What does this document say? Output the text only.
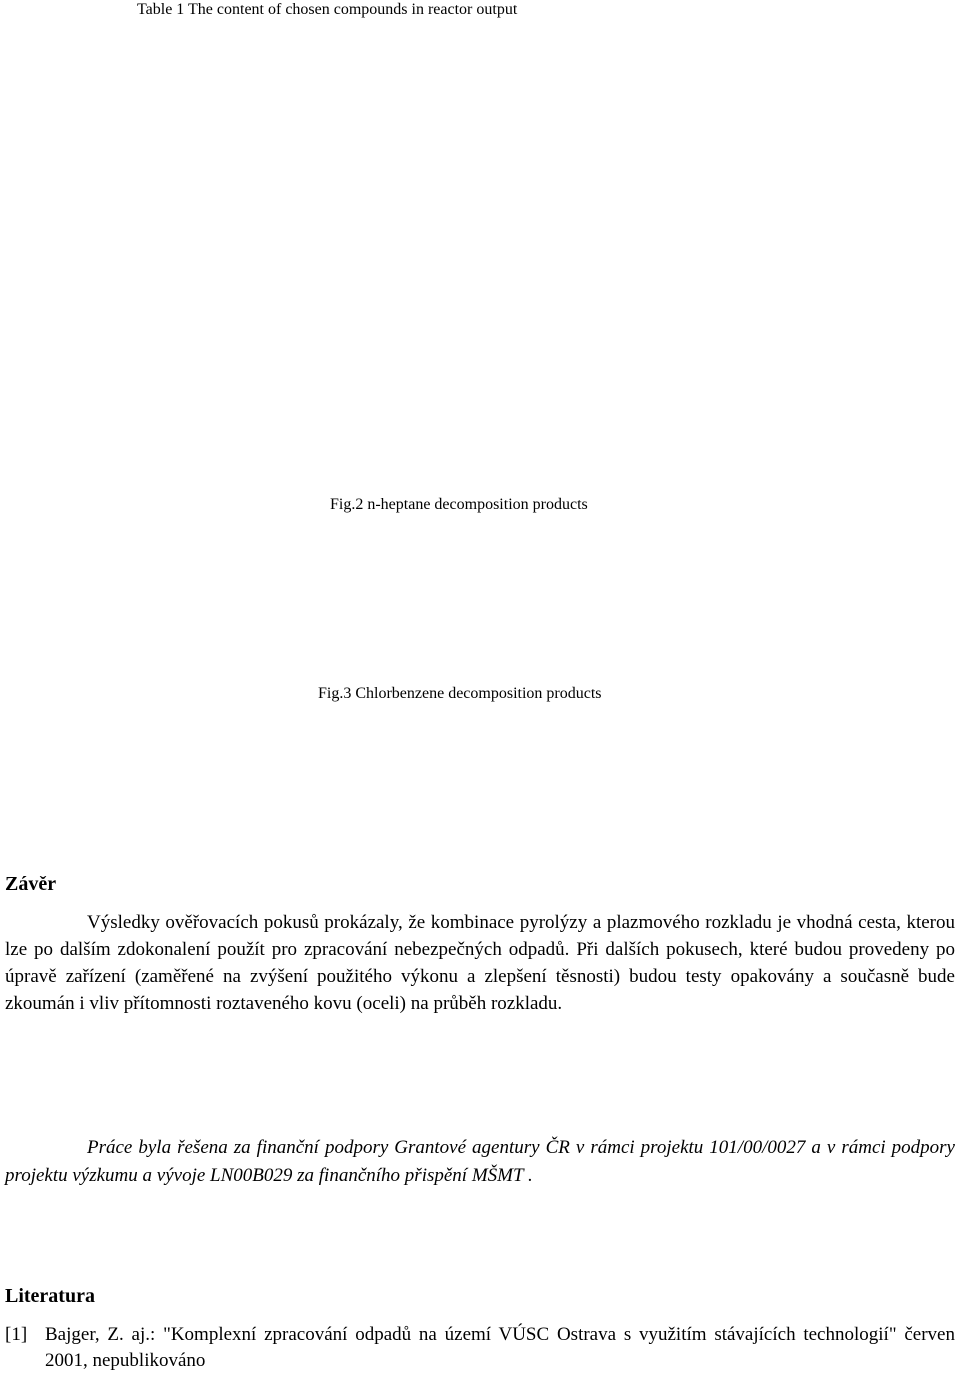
Table 1 The content of chosen compounds in reactor output
Fig.2 n-heptane decomposition products
Fig.3 Chlorbenzene decomposition products
Závěr

Výsledky ověřovacích pokusů prokázaly, že kombinace pyrolýzy a plazmového rozkladu je vhodná cesta, kterou lze po dalším zdokonalení použít pro zpracování nebezpečných odpadů. Při dalších pokusech, které budou provedeny po úpravě zařízení (zaměřené na zvýšení použitého výkonu a zlepšení těsnosti) budou testy opakovány a současně bude zkoumán i vliv přítomnosti roztaveného kovu (oceli) na průběh rozkladu.

Práce byla řešena za finanční podpory Grantové agentury ČR v rámci projektu 101/00/0027 a v rámci podpory projektu výzkumu a vývoje LN00B029 za finančního přispění MŠMT .

Literatura
[1] Bajger, Z. aj.: "Komplexní zpracování odpadů na území VÚSC Ostrava s využitím stávajících technologií" červen 2001, nepublikováno
